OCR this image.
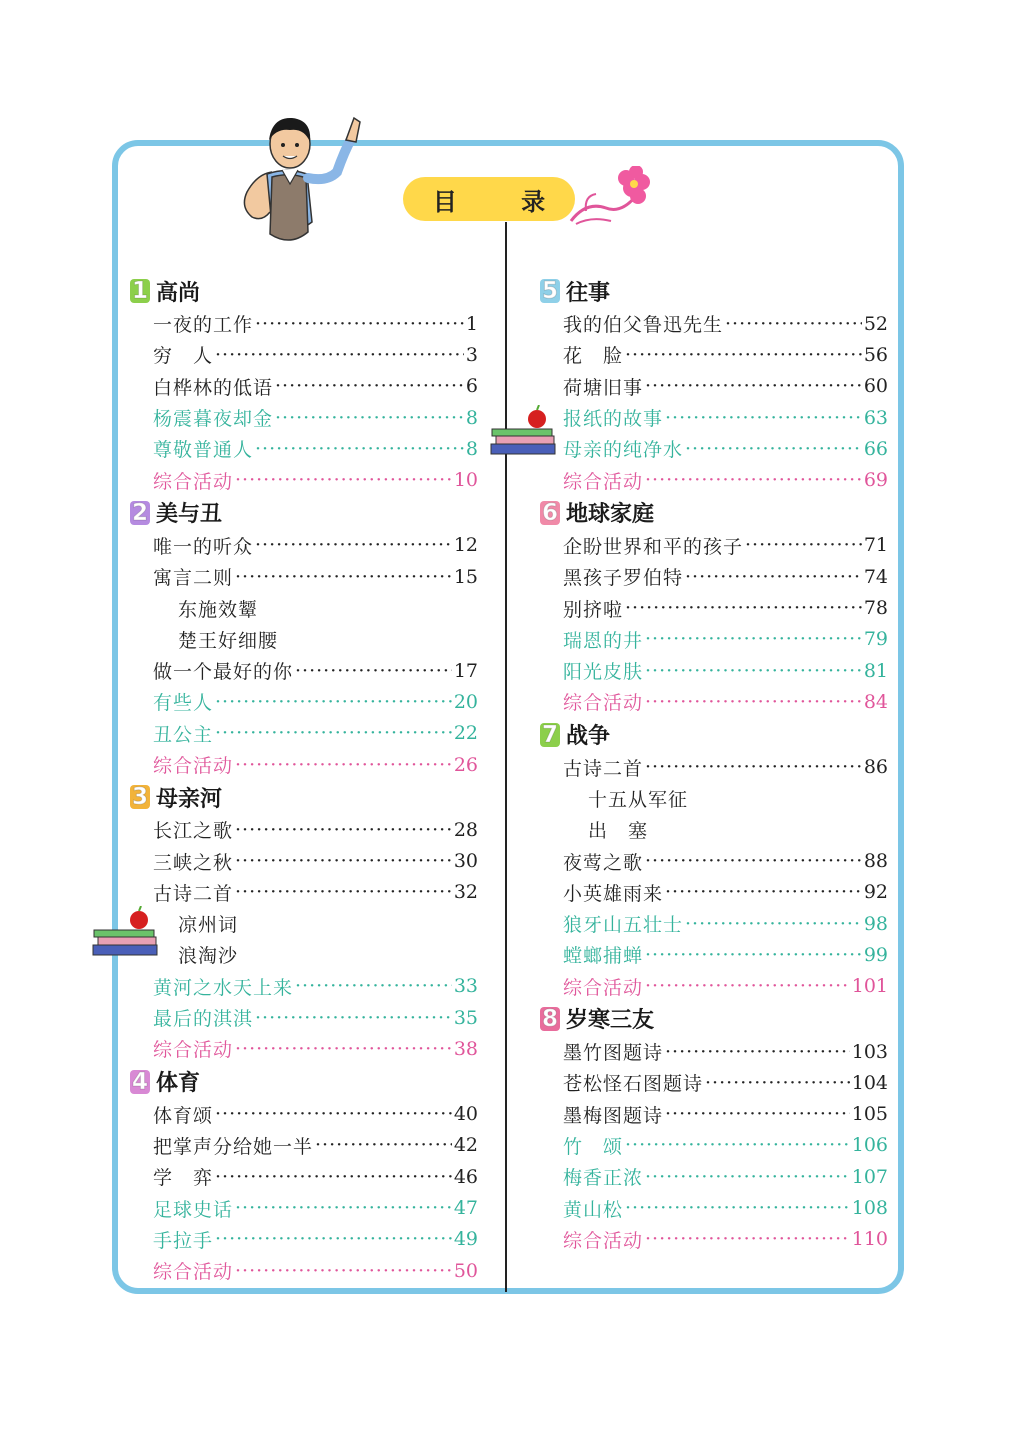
目 录
1 高尚
一夜的工作 ·····	1
穷　人 ·····	3
白桦林的低语 ·····	6
杨震暮夜却金 ·····	8
尊敬普通人 ·····	8
综合活动 ·····	10
2 美与丑
唯一的听众 ·····	12
寓言二则 ·····	15
东施效颦
楚王好细腰
做一个最好的你 ·····	17
有些人 ·····	20
丑公主 ·····	22
综合活动 ·····	26
3 母亲河
长江之歌 ·····	28
三峡之秋 ·····	30
古诗二首 ·····	32
凉州词
浪淘沙
黄河之水天上来 ·····	33
最后的淇淇 ·····	35
综合活动 ·····	38
4 体育
体育颂 ·····	40
把掌声分给她一半 ·····	42
学　弈 ·····	46
足球史话 ·····	47
手拉手 ·····	49
综合活动 ·····	50
5 往事
我的伯父鲁迅先生 ·····	52
花　脸 ·····	56
荷塘旧事 ·····	60
报纸的故事 ·····	63
母亲的纯净水 ·····	66
综合活动 ·····	69
6 地球家庭
企盼世界和平的孩子 ·····	71
黑孩子罗伯特 ·····	74
别挤啦 ·····	78
瑞恩的井 ·····	79
阳光皮肤 ·····	81
综合活动 ·····	84
7 战争
古诗二首 ·····	86
十五从军征
出　塞
夜莺之歌 ·····	88
小英雄雨来 ·····	92
狼牙山五壮士 ·····	98
螳螂捕蝉 ·····	99
综合活动 ·····	101
8 岁寒三友
墨竹图题诗 ·····	103
苍松怪石图题诗 ·····	104
墨梅图题诗 ·····	105
竹　颂 ·····	106
梅香正浓 ·····	107
黄山松 ·····	108
综合活动 ·····	110
